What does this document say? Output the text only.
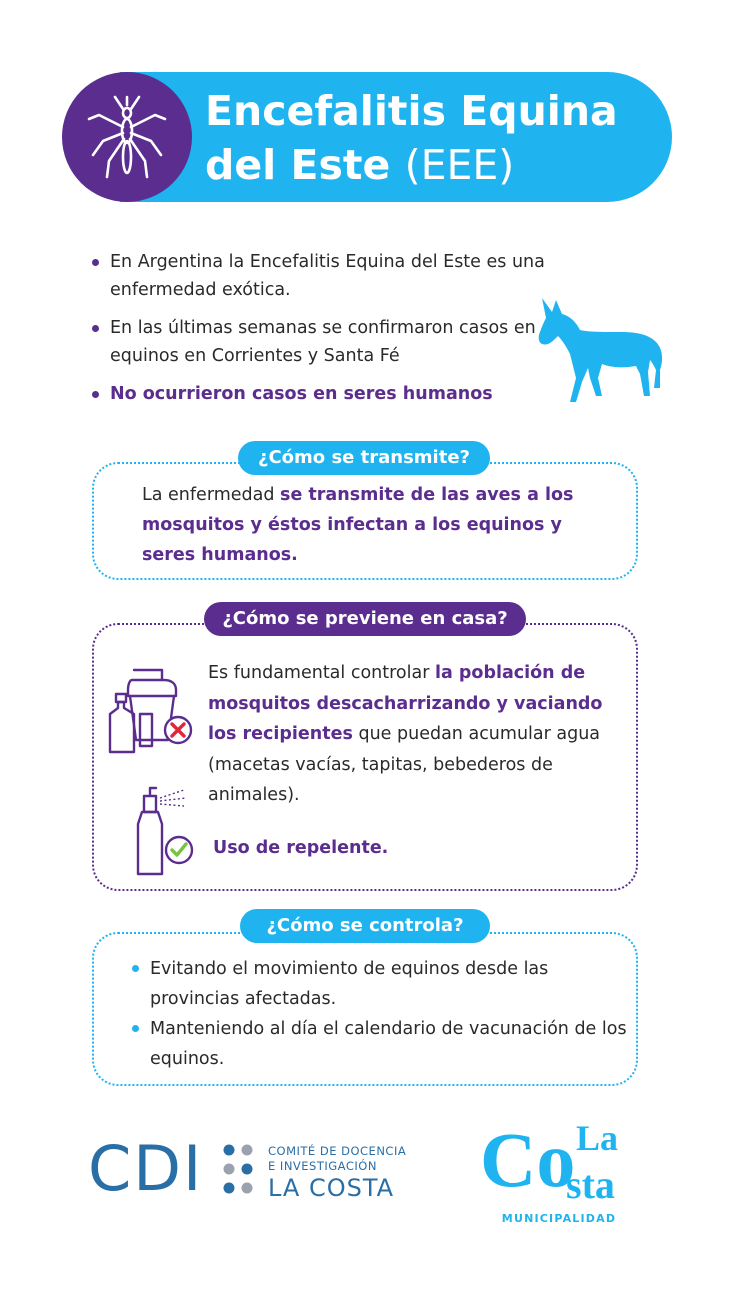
Encefalitis Equina
del Este (EEE)
En Argentina la Encefalitis Equina del Este es una enfermedad exótica.
En las últimas semanas se confirmaron casos en equinos en Corrientes y Santa Fé
No ocurrieron casos en seres humanos
¿Cómo se transmite?
La enfermedad se transmite de las aves a los mosquitos y éstos infectan a los equinos y seres humanos.
¿Cómo se previene en casa?
Es fundamental controlar la población de mosquitos descacharrizando y vaciando los recipientes que puedan acumular agua (macetas vacías, tapitas, bebederos de animales).
Uso de repelente.
¿Cómo se controla?
Evitando el movimiento de equinos desde las provincias afectadas.
Manteniendo al día el calendario de vacunación de los equinos.
CDI	COMITÉ DE DOCENCIA
E INVESTIGACIÓN
LA COSTA Co La
sta
MUNICIPALIDAD
